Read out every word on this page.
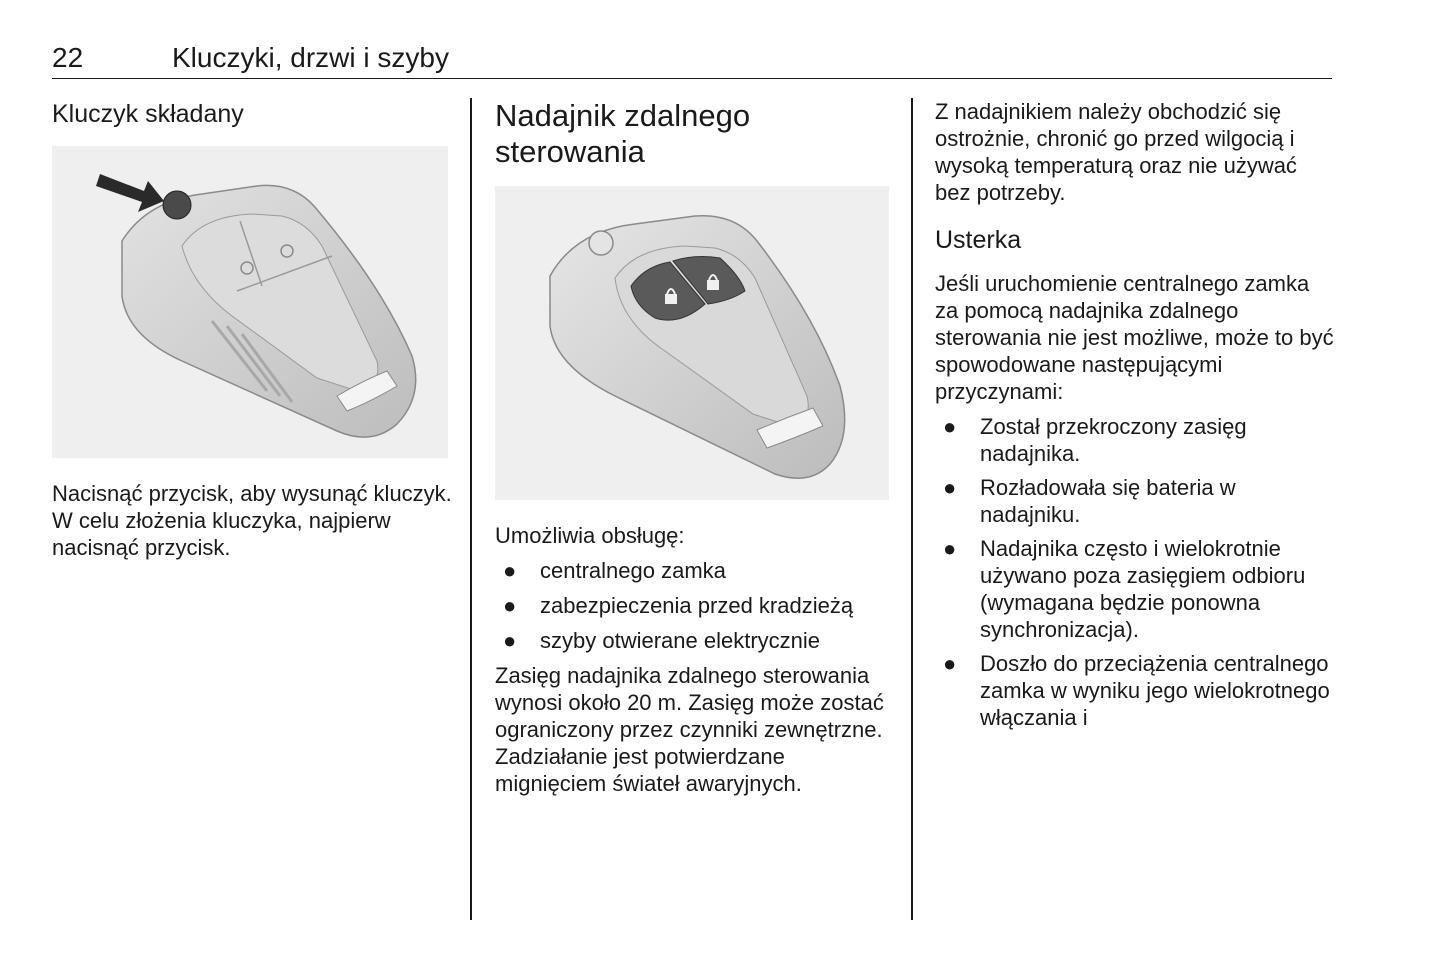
22	Kluczyki, drzwi i szyby
Kluczyk składany

Nacisnąć przycisk, aby wysunąć kluczyk. W celu złożenia kluczyka, najpierw nacisnąć przycisk.

Nadajnik zdalnego sterowania

Umożliwia obsługę:

● centralnego zamka
● zabezpieczenia przed kradzieżą
● szyby otwierane elektrycznie

Zasięg nadajnika zdalnego sterowania wynosi około 20 m. Zasięg może zostać ograniczony przez czynniki zewnętrzne. Zadziałanie jest potwierdzane mignięciem świateł awaryjnych.

Z nadajnikiem należy obchodzić się ostrożnie, chronić go przed wilgocią i wysoką temperaturą oraz nie używać bez potrzeby.

Usterka

Jeśli uruchomienie centralnego zamka za pomocą nadajnika zdalnego sterowania nie jest możliwe, może to być spowodowane następującymi przyczynami:

● Został przekroczony zasięg nadajnika.
● Rozładowała się bateria w nadajniku.
● Nadajnika często i wielokrotnie używano poza zasięgiem odbioru (wymagana będzie ponowna synchronizacja).
● Doszło do przeciążenia centralnego zamka w wyniku jego wielokrotnego włączania i
